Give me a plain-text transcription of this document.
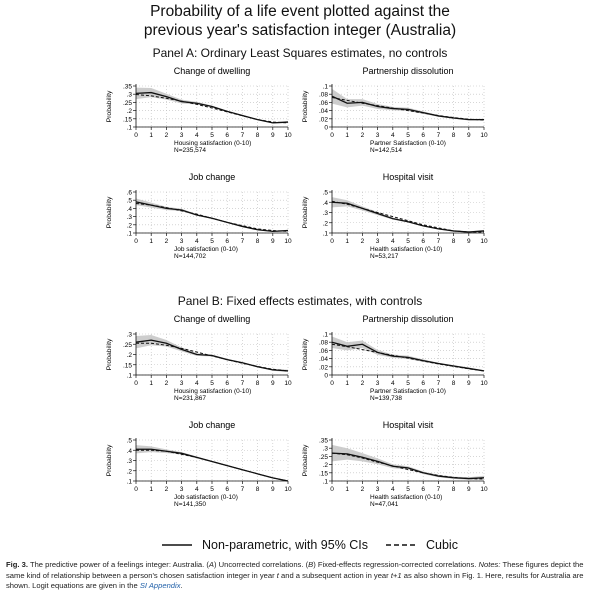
Probability of a life event plotted against the
previous year's satisfaction integer (Australia)
Panel A: Ordinary Least Squares estimates, no controls
Panel B: Fixed effects estimates, with controls
Change of dwelling
.1
.15
.2
.25
.3
.35
0 1 2 3 4 5 6 7 8 9 10
Probability
Housing satisfaction (0-10)
N=235,574
Partnership dissolution
0
.02
.04
.06
.08
.1
0 1 2 3 4 5 6 7 8 9 10
Probability
Partner Satisfaction (0-10)
N=142,514
Job change
.1
.2
.3
.4
.5
.6
0 1 2 3 4 5 6 7 8 9 10
Probability
Job satisfaction (0-10)
N=144,702
Hospital visit
.1
.2
.3
.4
.5
0 1 2 3 4 5 6 7 8 9 10
Probability
Health satisfaction (0-10)
N=53,217
Change of dwelling
.1
.15
.2
.25
.3
0 1 2 3 4 5 6 7 8 9 10
Probability
Housing satisfaction (0-10)
N=231,867
Partnership dissolution
0
.02
.04
.06
.08
.1
0 1 2 3 4 5 6 7 8 9 10
Probability
Partner Satisfaction (0-10)
N=139,738
Job change
.1
.2
.3
.4
.5
0 1 2 3 4 5 6 7 8 9 10
Probability
Job satisfaction (0-10)
N=141,350
Hospital visit
.1
.15
.2
.25
.3
.35
0 1 2 3 4 5 6 7 8 9 10
Probability
Health satisfaction (0-10)
N=47,041
Non-parametric, with 95% CIs	Cubic
Fig. 3. The predictive power of a feelings integer: Australia. (A) Uncorrected correlations. (B) Fixed-effects regression-corrected correlations. Notes: These figures depict the same kind of relationship between a person's chosen satisfaction integer in year t and a subsequent action in year t+1 as also shown in Fig. 1. Here, results for Australia are shown. Logit equations are given in the SI Appendix.
